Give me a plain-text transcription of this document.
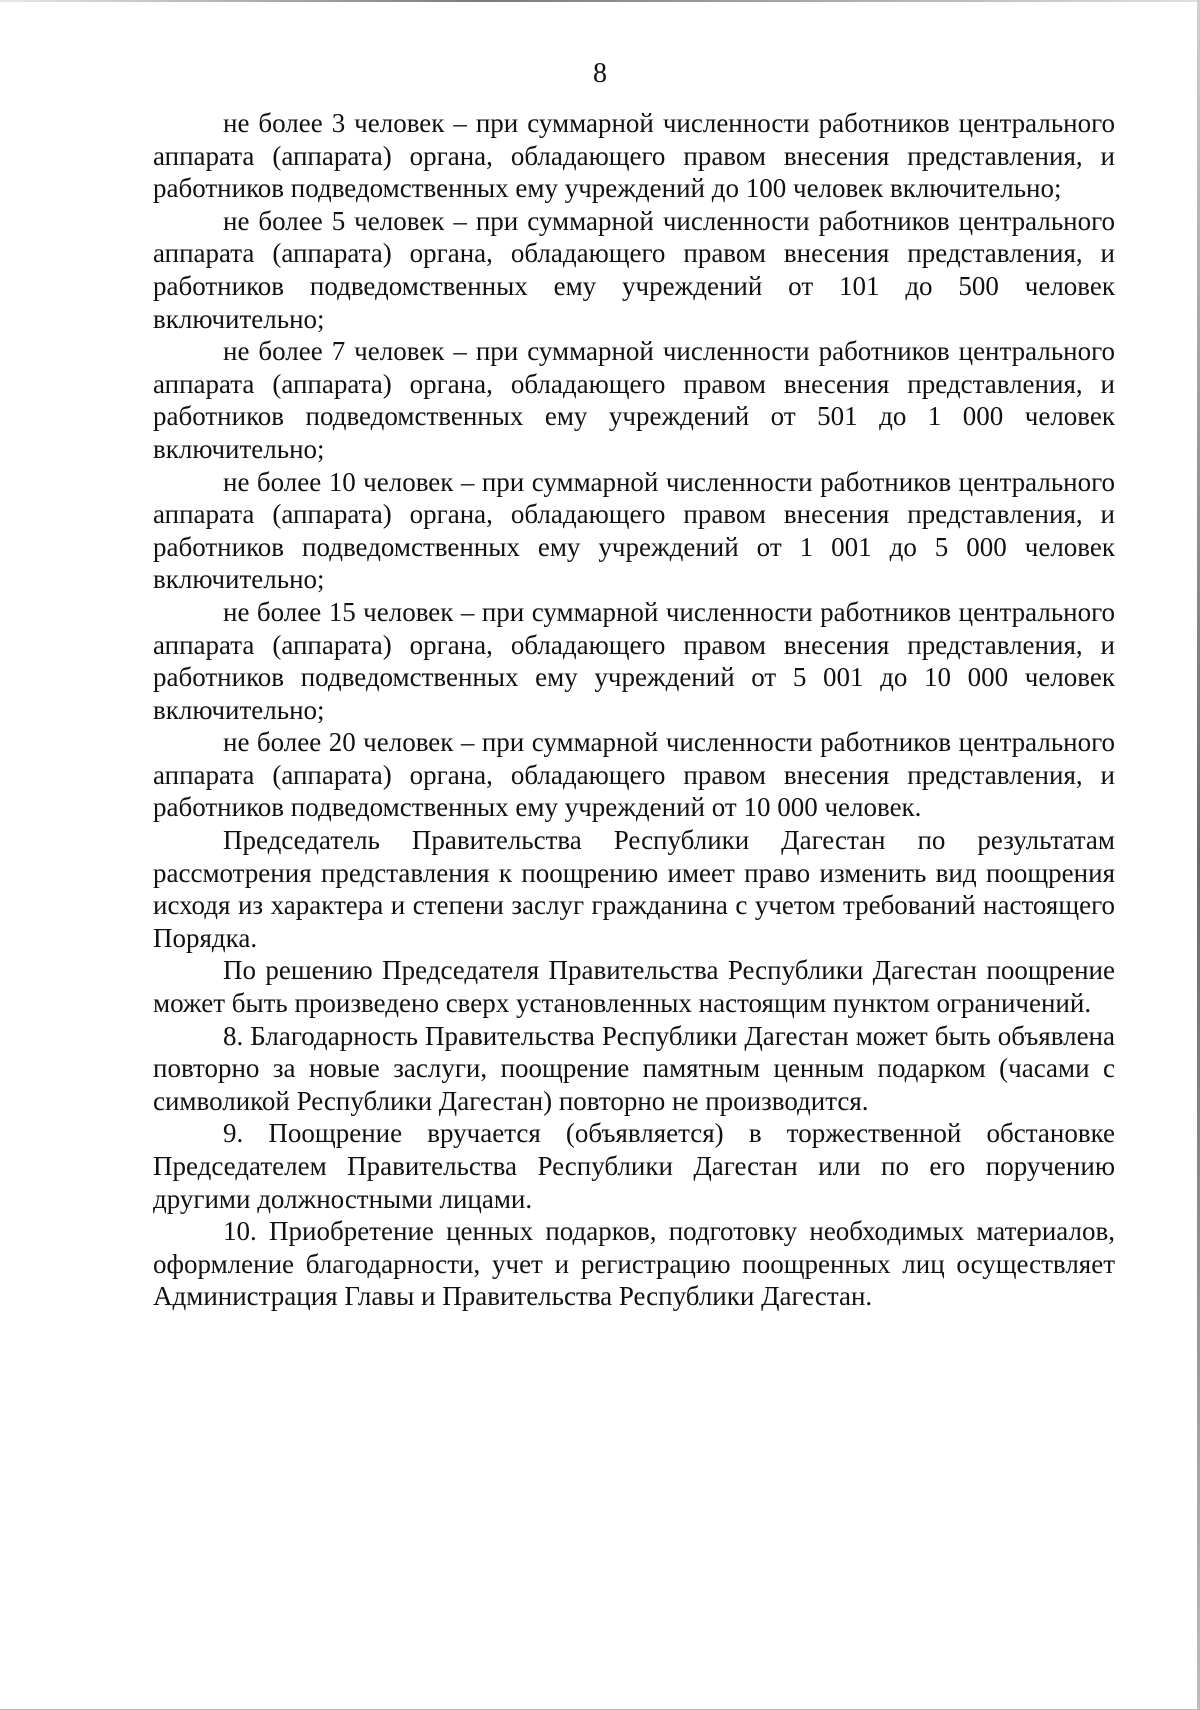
8

не более 3 человек – при суммарной численности работников центрального аппарата (аппарата) органа, обладающего правом внесения представления, и работников подведомственных ему учреждений до 100 человек включительно;

не более 5 человек – при суммарной численности работников центрального аппарата (аппарата) органа, обладающего правом внесения представления, и работников подведомственных ему учреждений от 101 до 500 человек включительно;

не более 7 человек – при суммарной численности работников центрального аппарата (аппарата) органа, обладающего правом внесения представления, и работников подведомственных ему учреждений от 501 до 1 000 человек включительно;

не более 10 человек – при суммарной численности работников центрального аппарата (аппарата) органа, обладающего правом внесения представления, и работников подведомственных ему учреждений от 1 001 до 5 000 человек включительно;

не более 15 человек – при суммарной численности работников центрального аппарата (аппарата) органа, обладающего правом внесения представления, и работников подведомственных ему учреждений от 5 001 до 10 000 человек включительно;

не более 20 человек – при суммарной численности работников центрального аппарата (аппарата) органа, обладающего правом внесения представления, и работников подведомственных ему учреждений от 10 000 человек.

Председатель Правительства Республики Дагестан по результатам рассмотрения представления к поощрению имеет право изменить вид поощрения исходя из характера и степени заслуг гражданина с учетом требований настоящего Порядка.

По решению Председателя Правительства Республики Дагестан поощрение может быть произведено сверх установленных настоящим пунктом ограничений.

8. Благодарность Правительства Республики Дагестан может быть объявлена повторно за новые заслуги, поощрение памятным ценным подарком (часами с символикой Республики Дагестан) повторно не производится.

9. Поощрение вручается (объявляется) в торжественной обстановке Председателем Правительства Республики Дагестан или по его поручению другими должностными лицами.

10. Приобретение ценных подарков, подготовку необходимых материалов, оформление благодарности, учет и регистрацию поощренных лиц осуществляет Администрация Главы и Правительства Республики Дагестан.
